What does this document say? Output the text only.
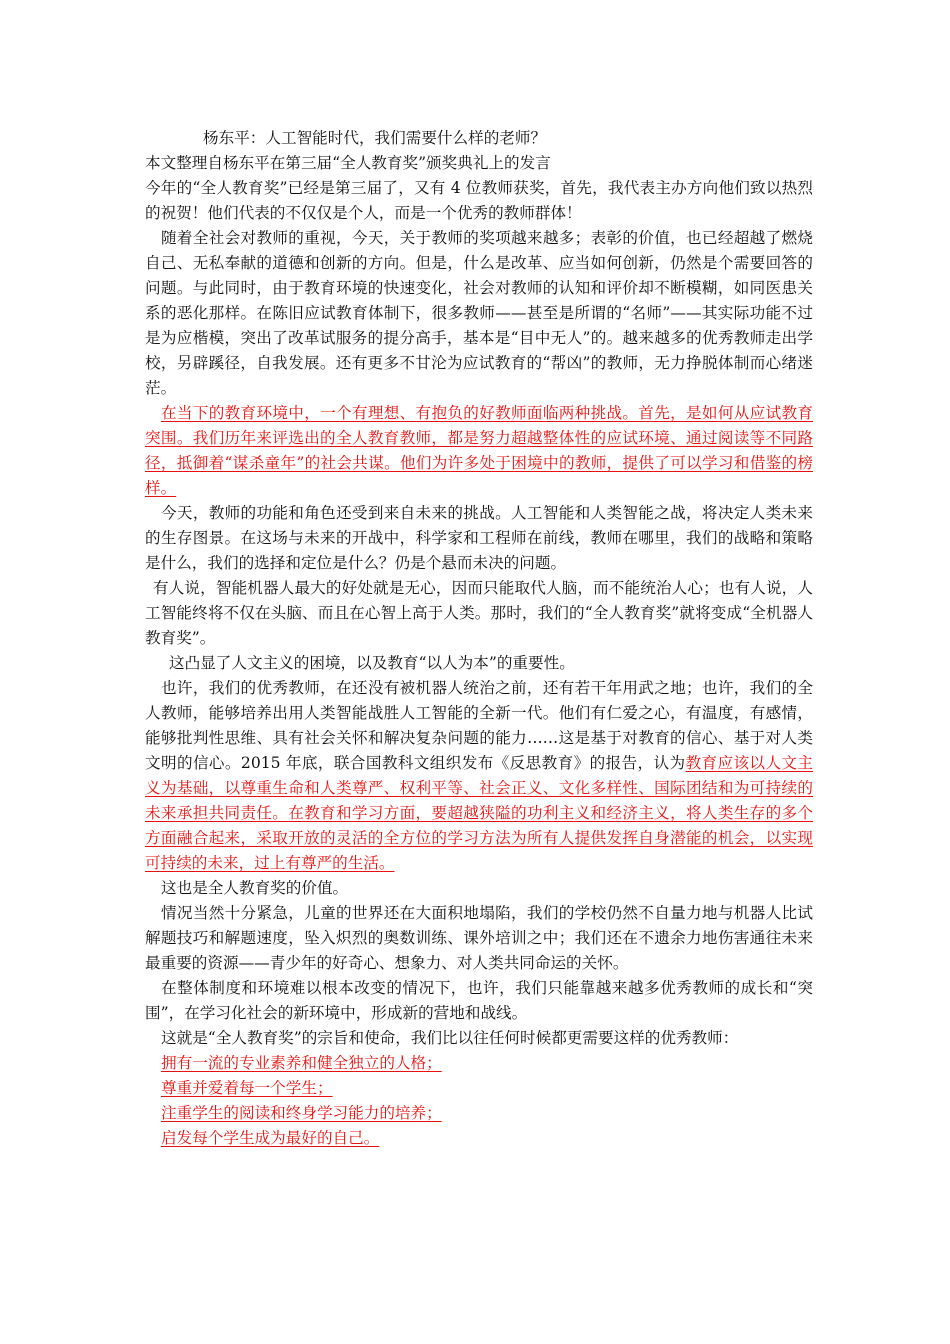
杨东平：人工智能时代，我们需要什么样的老师？

本文整理自杨东平在第三届“全人教育奖”颁奖典礼上的发言

今年的“全人教育奖”已经是第三届了，又有 4 位教师获奖，首先，我代表主办方向他们致以热烈的祝贺！他们代表的不仅仅是个人，而是一个优秀的教师群体！

随着全社会对教师的重视，今天，关于教师的奖项越来越多；表彰的价值，也已经超越了燃烧自己、无私奉献的道德和创新的方向。但是，什么是改革、应当如何创新，仍然是个需要回答的问题。与此同时，由于教育环境的快速变化，社会对教师的认知和评价却不断模糊，如同医患关系的恶化那样。在陈旧应试教育体制下，很多教师——甚至是所谓的“名师”——其实际功能不过是为应楷模，突出了改革试服务的提分高手，基本是“目中无人”的。越来越多的优秀教师走出学校，另辟蹊径，自我发展。还有更多不甘沦为应试教育的“帮凶”的教师，无力挣脱体制而心绪迷茫。

在当下的教育环境中，一个有理想、有抱负的好教师面临两种挑战。首先，是如何从应试教育突围。我们历年来评选出的全人教育教师，都是努力超越整体性的应试环境、通过阅读等不同路径，抵御着“谋杀童年”的社会共谋。他们为许多处于困境中的教师，提供了可以学习和借鉴的榜样。

今天，教师的功能和角色还受到来自未来的挑战。人工智能和人类智能之战，将决定人类未来的生存图景。在这场与未来的开战中，科学家和工程师在前线，教师在哪里，我们的战略和策略是什么，我们的选择和定位是什么？仍是个悬而未决的问题。

有人说，智能机器人最大的好处就是无心，因而只能取代人脑，而不能统治人心；也有人说，人工智能终将不仅在头脑、而且在心智上高于人类。那时，我们的“全人教育奖”就将变成“全机器人教育奖”。

这凸显了人文主义的困境，以及教育“以人为本”的重要性。

也许，我们的优秀教师，在还没有被机器人统治之前，还有若干年用武之地；也许，我们的全人教师，能够培养出用人类智能战胜人工智能的全新一代。他们有仁爱之心，有温度，有感情，能够批判性思维、具有社会关怀和解决复杂问题的能力……这是基于对教育的信心、基于对人类文明的信心。2015 年底，联合国教科文组织发布《反思教育》的报告，认为教育应该以人文主义为基础，以尊重生命和人类尊严、权利平等、社会正义、文化多样性、国际团结和为可持续的未来承担共同责任。在教育和学习方面，要超越狭隘的功利主义和经济主义，将人类生存的多个方面融合起来，采取开放的灵活的全方位的学习方法为所有人提供发挥自身潜能的机会，以实现可持续的未来，过上有尊严的生活。

这也是全人教育奖的价值。

情况当然十分紧急，儿童的世界还在大面积地塌陷，我们的学校仍然不自量力地与机器人比试解题技巧和解题速度，坠入炽烈的奥数训练、课外培训之中；我们还在不遗余力地伤害通往未来最重要的资源——青少年的好奇心、想象力、对人类共同命运的关怀。

在整体制度和环境难以根本改变的情况下，也许，我们只能靠越来越多优秀教师的成长和“突围”，在学习化社会的新环境中，形成新的营地和战线。

这就是“全人教育奖”的宗旨和使命，我们比以往任何时候都更需要这样的优秀教师：

拥有一流的专业素养和健全独立的人格；

尊重并爱着每一个学生；

注重学生的阅读和终身学习能力的培养；

启发每个学生成为最好的自己。
